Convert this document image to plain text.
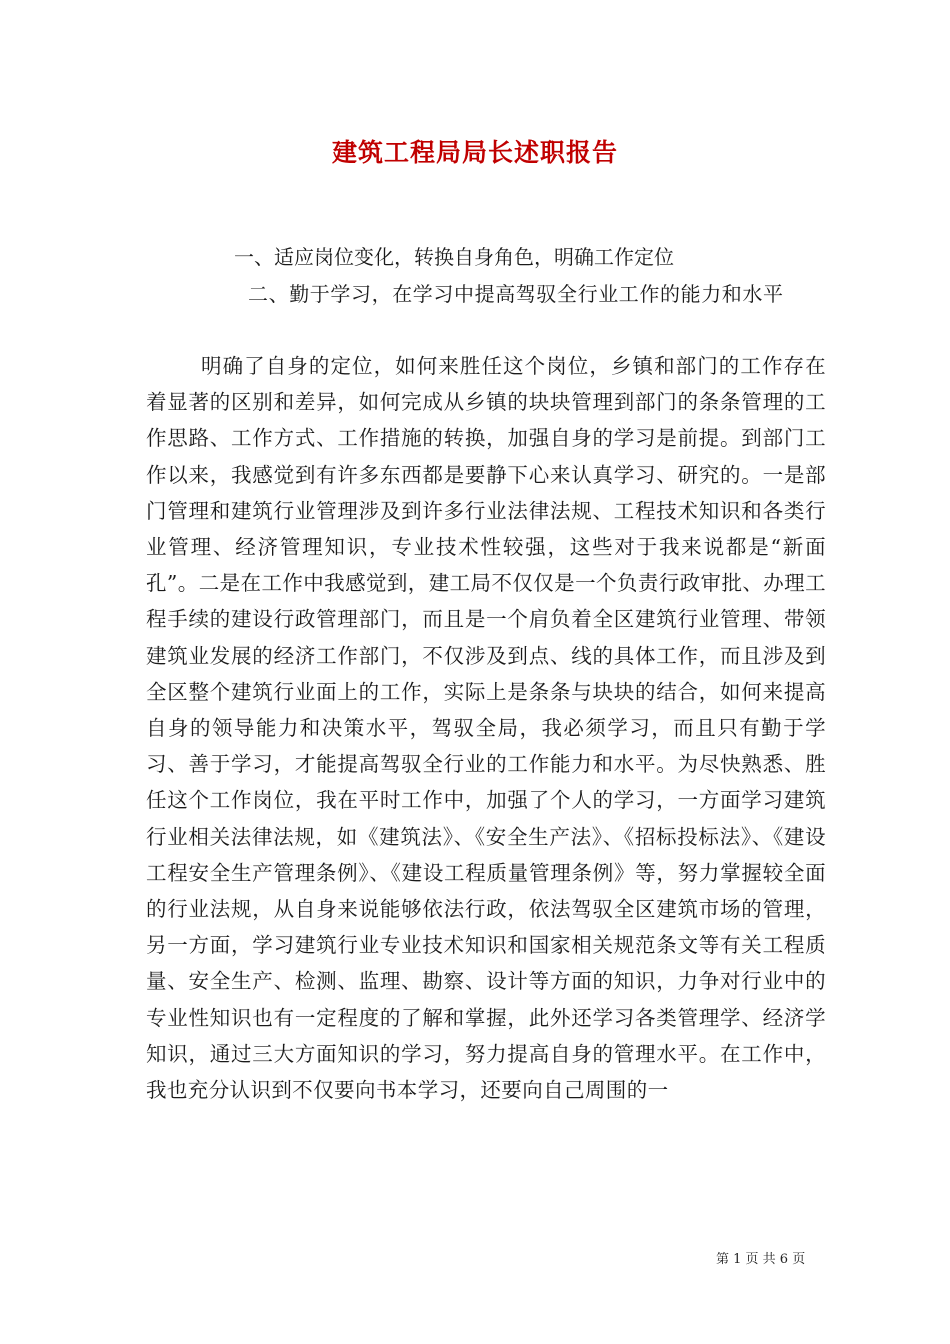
建筑工程局局长述职报告
一、适应岗位变化，转换自身角色，明确工作定位
二、勤于学习，在学习中提高驾驭全行业工作的能力和水平

明确了自身的定位，如何来胜任这个岗位，乡镇和部门的工作存在着显著的区别和差异，如何完成从乡镇的块块管理到部门的条条管理的工作思路、工作方式、工作措施的转换，加强自身的学习是前提。到部门工作以来，我感觉到有许多东西都是要静下心来认真学习、研究的。一是部门管理和建筑行业管理涉及到许多行业法律法规、工程技术知识和各类行业管理、经济管理知识，专业技术性较强，这些对于我来说都是“新面孔”。二是在工作中我感觉到，建工局不仅仅是一个负责行政审批、办理工程手续的建设行政管理部门，而且是一个肩负着全区建筑行业管理、带领建筑业发展的经济工作部门，不仅涉及到点、线的具体工作，而且涉及到全区整个建筑行业面上的工作，实际上是条条与块块的结合，如何来提高自身的领导能力和决策水平，驾驭全局，我必须学习，而且只有勤于学习、善于学习，才能提高驾驭全行业的工作能力和水平。为尽快熟悉、胜任这个工作岗位，我在平时工作中，加强了个人的学习，一方面学习建筑行业相关法律法规，如《建筑法》、《安全生产法》、《招标投标法》、《建设工程安全生产管理条例》、《建设工程质量管理条例》等，努力掌握较全面的行业法规，从自身来说能够依法行政，依法驾驭全区建筑市场的管理，另一方面，学习建筑行业专业技术知识和国家相关规范条文等有关工程质量、安全生产、检测、监理、勘察、设计等方面的知识，力争对行业中的专业性知识也有一定程度的了解和掌握，此外还学习各类管理学、经济学知识，通过三大方面知识的学习，努力提高自身的管理水平。在工作中，我也充分认识到不仅要向书本学习，还要向自己周围的一

第 1 页 共 6 页
